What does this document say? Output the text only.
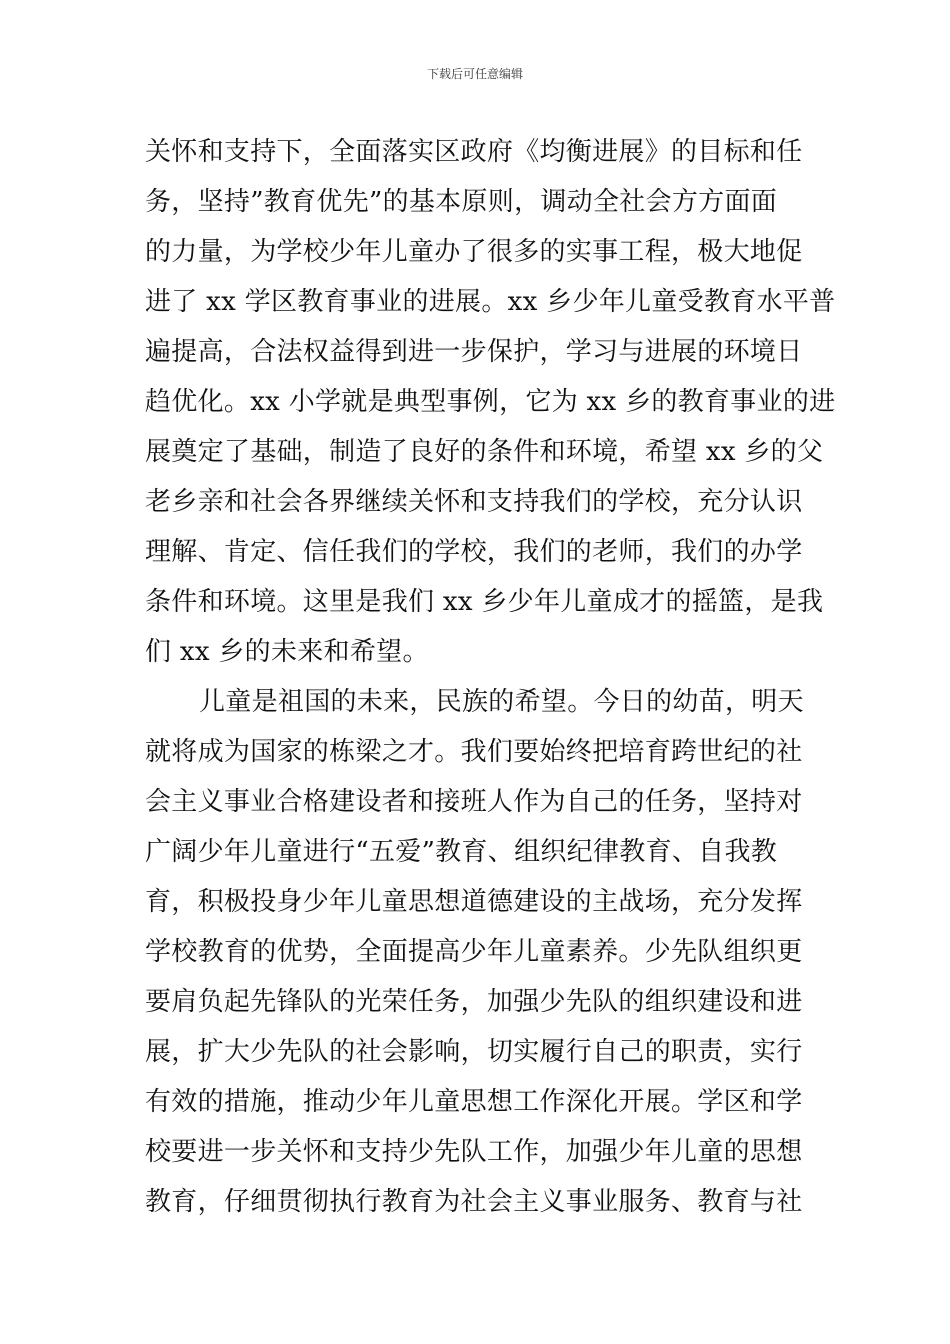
下载后可任意编辑
关怀和支持下，全面落实区政府《均衡进展》的目标和任
务，坚持”教育优先”的基本原则，调动全社会方方面面
的力量，为学校少年儿童办了很多的实事工程，极大地促
进了 xx 学区教育事业的进展。xx 乡少年儿童受教育水平普
遍提高，合法权益得到进一步保护，学习与进展的环境日
趋优化。xx 小学就是典型事例，它为 xx 乡的教育事业的进
展奠定了基础，制造了良好的条件和环境，希望 xx 乡的父
老乡亲和社会各界继续关怀和支持我们的学校，充分认识
理解、肯定、信任我们的学校，我们的老师，我们的办学
条件和环境。这里是我们 xx 乡少年儿童成才的摇篮，是我
们 xx 乡的未来和希望。
儿童是祖国的未来，民族的希望。今日的幼苗，明天
就将成为国家的栋梁之才。我们要始终把培育跨世纪的社
会主义事业合格建设者和接班人作为自己的任务，坚持对
广阔少年儿童进行“五爱”教育、组织纪律教育、自我教
育，积极投身少年儿童思想道德建设的主战场，充分发挥
学校教育的优势，全面提高少年儿童素养。少先队组织更
要肩负起先锋队的光荣任务，加强少先队的组织建设和进
展，扩大少先队的社会影响，切实履行自己的职责，实行
有效的措施，推动少年儿童思想工作深化开展。学区和学
校要进一步关怀和支持少先队工作，加强少年儿童的思想
教育，仔细贯彻执行教育为社会主义事业服务、教育与社
